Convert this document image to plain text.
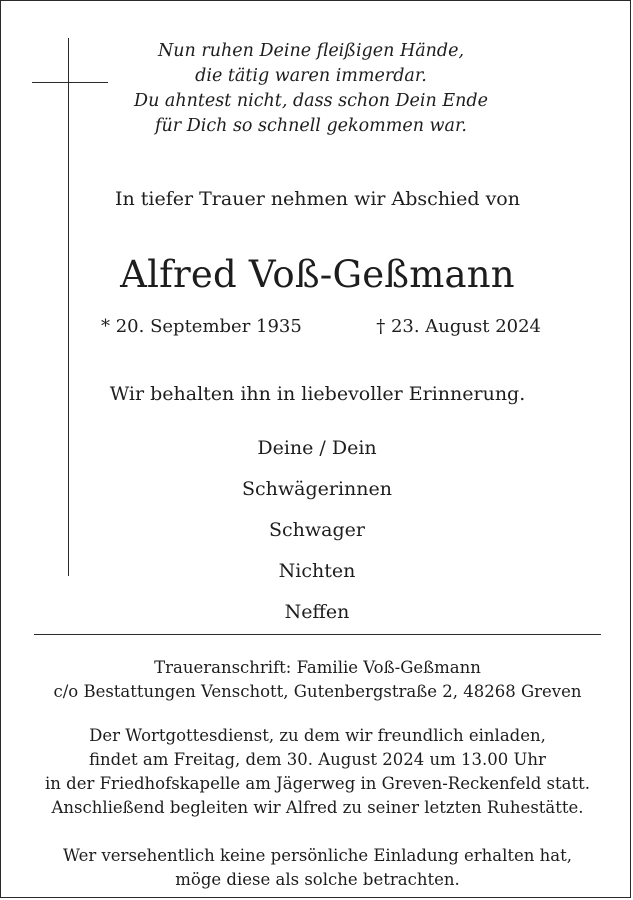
Nun ruhen Deine fleißigen Hände,
die tätig waren immerdar.
Du ahntest nicht, dass schon Dein Ende
für Dich so schnell gekommen war.
In tiefer Trauer nehmen wir Abschied von
Alfred Voß-Geßmann
* 20. September 1935	† 23. August 2024
Wir behalten ihn in liebevoller Erinnerung.
Deine / Dein
Schwägerinnen
Schwager
Nichten
Neffen
Traueranschrift: Familie Voß-Geßmann
c/o Bestattungen Venschott, Gutenbergstraße 2, 48268 Greven
Der Wortgottesdienst, zu dem wir freundlich einladen,
findet am Freitag, dem 30. August 2024 um 13.00 Uhr
in der Friedhofskapelle am Jägerweg in Greven-Reckenfeld statt.
Anschließend begleiten wir Alfred zu seiner letzten Ruhestätte.
Wer versehentlich keine persönliche Einladung erhalten hat,
möge diese als solche betrachten.
